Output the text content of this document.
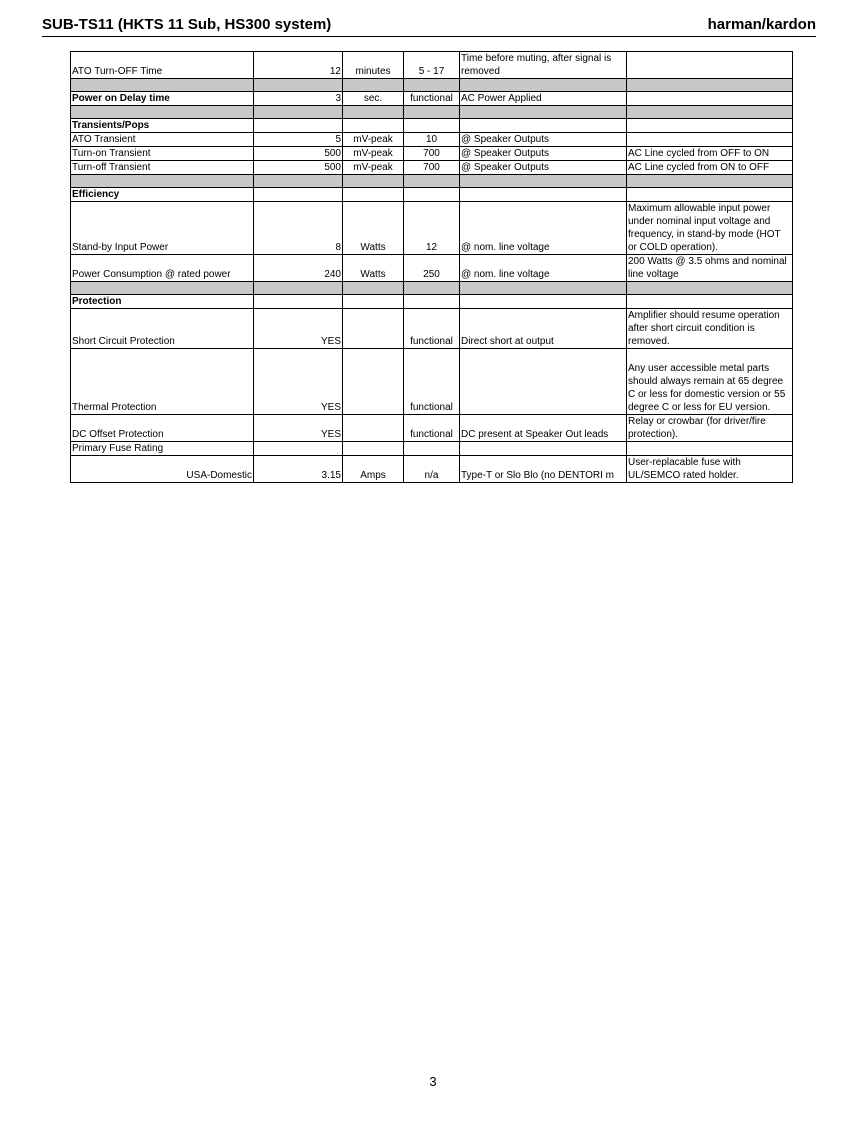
SUB-TS11 (HKTS 11 Sub, HS300 system)	harman/kardon
ATO Turn-OFF Time	12	minutes	5 - 17	Time before muting, after signal is removed	

Power on Delay time	3	sec.	functional	AC Power Applied	

Transients/Pops					
ATO Transient	5	mV-peak	10	@ Speaker Outputs	
Turn-on Transient	500	mV-peak	700	@ Speaker Outputs	AC Line cycled from OFF to ON
Turn-off Transient	500	mV-peak	700	@ Speaker Outputs	AC Line cycled from ON to OFF

Efficiency					
Stand-by Input Power	8	Watts	12	@ nom. line voltage	Maximum allowable input power under nominal input voltage and frequency, in stand-by mode (HOT or COLD operation).
Power Consumption @ rated power	240	Watts	250	@ nom. line voltage	200 Watts @ 3.5 ohms and nominal line voltage

Protection					
Short Circuit Protection	YES		functional	Direct short at output	Amplifier should resume operation after short circuit condition is removed.
Thermal Protection	YES		functional		Any user accessible metal parts should always remain at 65 degree C or less for domestic version or 55 degree C or less for EU version.
DC Offset Protection	YES		functional	DC present at Speaker Out leads	Relay or crowbar (for driver/fire protection).
Primary Fuse Rating					
USA-Domestic	3.15	Amps	n/a	Type-T or Slo Blo (no DENTORI m	User-replacable fuse with UL/SEMCO rated holder.
3
